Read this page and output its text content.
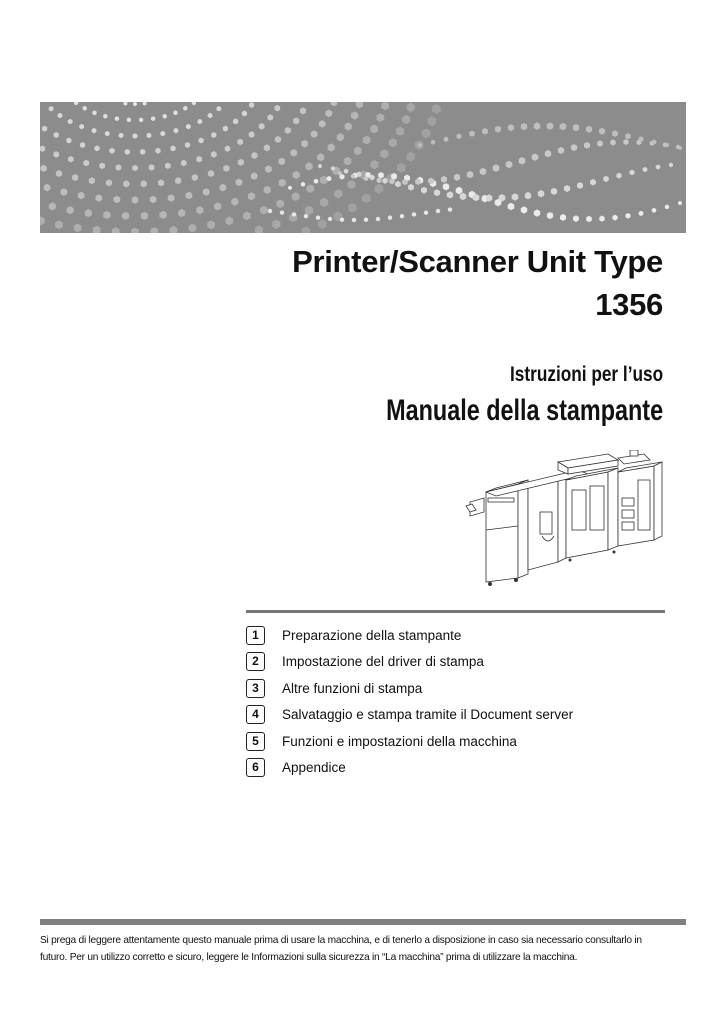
Printer/Scanner Unit Type
1356
Istruzioni per l’uso
Manuale della stampante
1	Preparazione della stampante
2	Impostazione del driver di stampa
3	Altre funzioni di stampa
4	Salvataggio e stampa tramite il Document server
5	Funzioni e impostazioni della macchina
6	Appendice
Si prega di leggere attentamente questo manuale prima di usare la macchina, e di tenerlo a disposizione in caso sia necessario consultarlo in
futuro. Per un utilizzo corretto e sicuro, leggere le Informazioni sulla sicurezza in “La macchina” prima di utilizzare la macchina.
